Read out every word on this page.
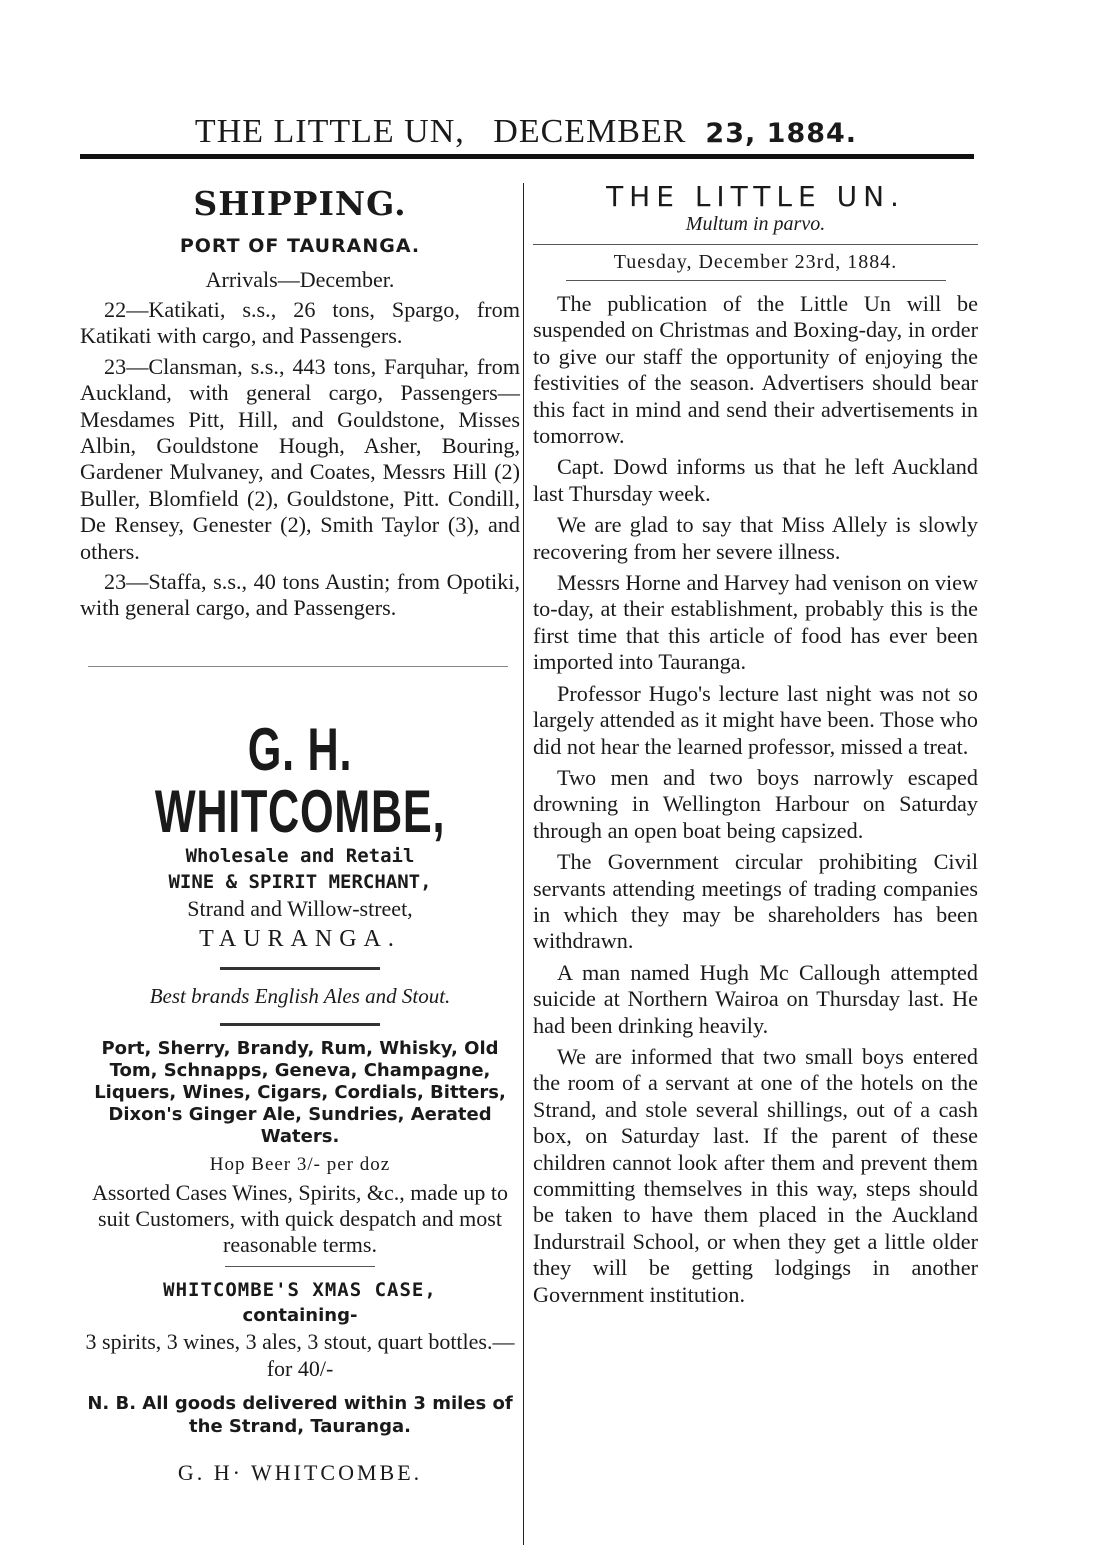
THE LITTLE UN, DECEMBER 23, 1884.
SHIPPING.
PORT OF TAURANGA.
Arrivals—December.

22—Katikati, s.s., 26 tons, Spargo, from Katikati with cargo, and Passengers.

23—Clansman, s.s., 443 tons, Farquhar, from Auckland, with general cargo, Passengers—Mesdames Pitt, Hill, and Gouldstone, Misses Albin, Gouldstone Hough, Asher, Bouring, Gardener Mulvaney, and Coates, Messrs Hill (2) Buller, Blomfield (2), Gouldstone, Pitt. Condill, De Rensey, Genester (2), Smith Taylor (3), and others.

23—Staffa, s.s., 40 tons Austin; from Opotiki, with general cargo, and Passengers.

G. H. WHITCOMBE,
Wholesale and Retail
WINE & SPIRIT MERCHANT,
Strand and Willow-street,
TAURANGA.
Best brands English Ales and Stout.
Port, Sherry, Brandy, Rum, Whisky, Old Tom, Schnapps, Geneva, Champagne, Liquers, Wines, Cigars, Cordials, Bitters, Dixon's Ginger Ale, Sundries, Aerated Waters.
Hop Beer 3/- per doz
Assorted Cases Wines, Spirits, &c., made up to suit Customers, with quick despatch and most reasonable terms.
WHITCOMBE'S XMAS CASE,
containing-
3 spirits, 3 wines, 3 ales, 3 stout, quart bottles.—for 40/-
N. B. All goods delivered within 3 miles of the Strand, Tauranga.
G. H· WHITCOMBE.
THE LITTLE UN.
Multum in parvo.
Tuesday, December 23rd, 1884.

The publication of the Little Un will be suspended on Christmas and Boxing-day, in order to give our staff the opportunity of enjoying the festivities of the season. Advertisers should bear this fact in mind and send their advertisements in tomorrow.

Capt. Dowd informs us that he left Auckland last Thursday week.

We are glad to say that Miss Allely is slowly recovering from her severe illness.

Messrs Horne and Harvey had venison on view to-day, at their establishment, probably this is the first time that this article of food has ever been imported into Tauranga.

Professor Hugo's lecture last night was not so largely attended as it might have been. Those who did not hear the learned professor, missed a treat.

Two men and two boys narrowly escaped drowning in Wellington Harbour on Saturday through an open boat being capsized.

The Government circular prohibiting Civil servants attending meetings of trading companies in which they may be shareholders has been withdrawn.

A man named Hugh Mc Callough attempted suicide at Northern Wairoa on Thursday last. He had been drinking heavily.

We are informed that two small boys entered the room of a servant at one of the hotels on the Strand, and stole several shillings, out of a cash box, on Saturday last. If the parent of these children cannot look after them and prevent them committing themselves in this way, steps should be taken to have them placed in the Auckland Indurstrail School, or when they get a little older they will be getting lodgings in another Government institution.
